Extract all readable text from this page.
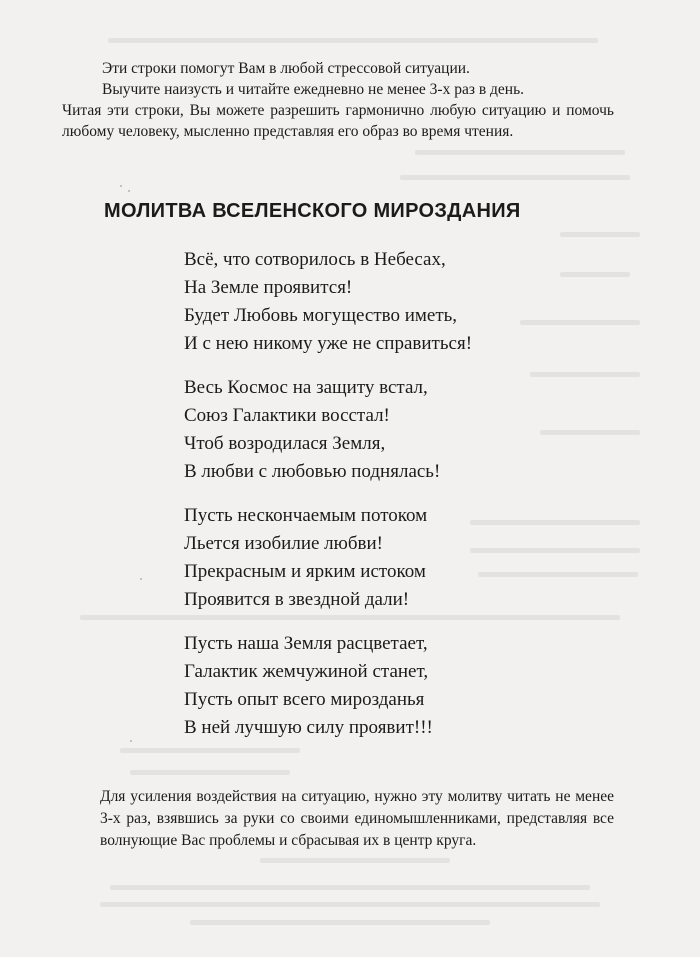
Эти строки помогут Вам в любой стрессовой ситуации.

Выучите наизусть и читайте ежедневно не менее 3-х раз в день.

Читая эти строки, Вы можете разрешить гармонично любую ситуацию и помочь любому человеку, мысленно представляя его образ во время чтения.

МОЛИТВА ВСЕЛЕНСКОГО МИРОЗДАНИЯ
Всё, что сотворилось в Небесах,
На Земле проявится!
Будет Любовь могущество иметь,
И с нею никому уже не справиться!
Весь Космос на защиту встал,
Союз Галактики восстал!
Чтоб возродилася Земля,
В любви с любовью поднялась!
Пусть нескончаемым потоком
Льется изобилие любви!
Прекрасным и ярким истоком
Проявится в звездной дали!
Пусть наша Земля расцветает,
Галактик жемчужиной станет,
Пусть опыт всего мирозданья
В ней лучшую силу проявит!!!

Для усиления воздействия на ситуацию, нужно эту молитву читать не менее 3-х раз, взявшись за руки со своими единомышленниками, представляя все волнующие Вас проблемы и сбрасывая их в центр круга.
